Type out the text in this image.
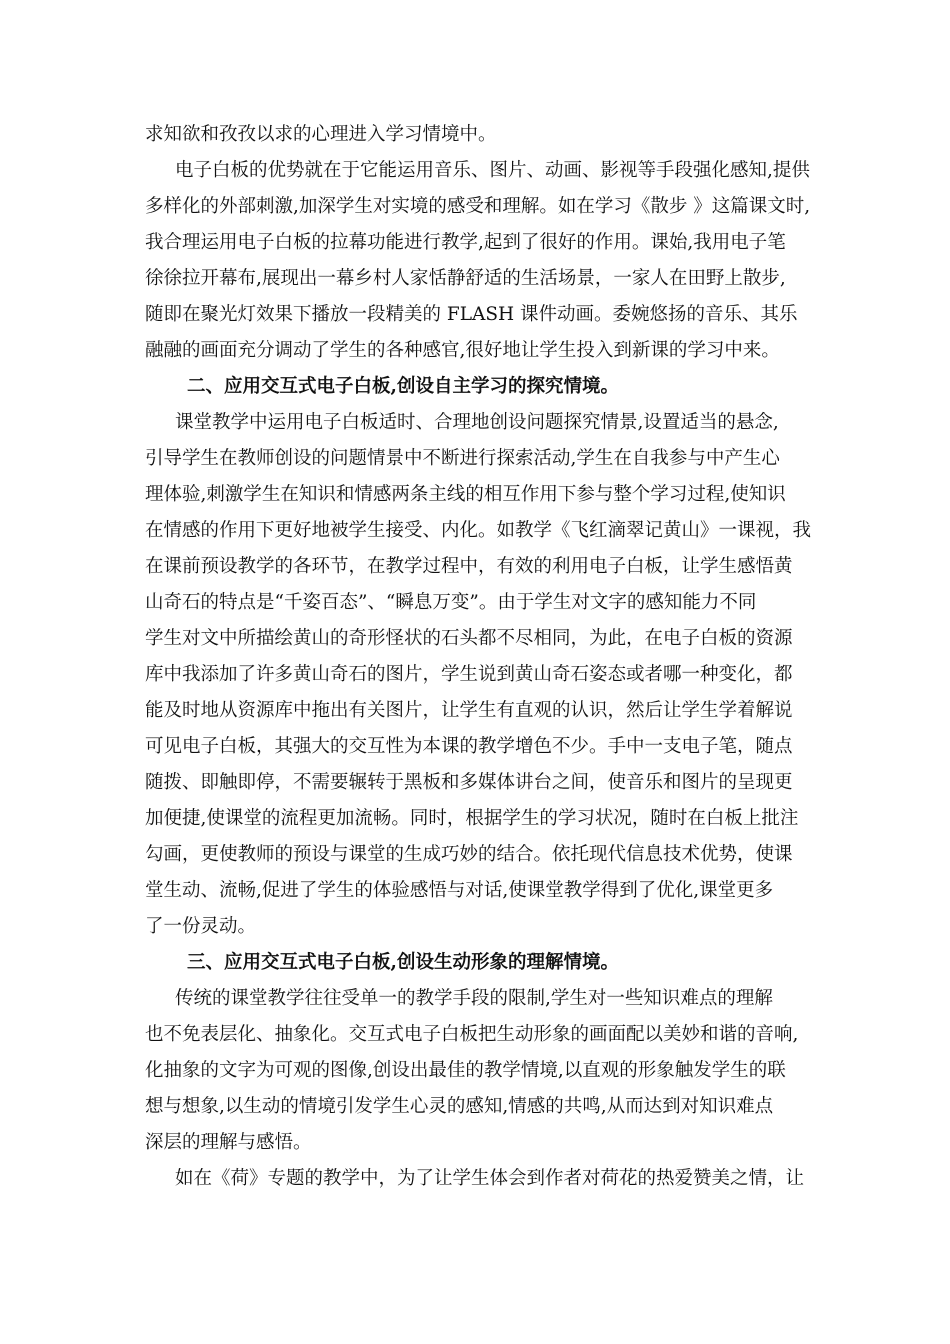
求知欲和孜孜以求的心理进入学习情境中。
电子白板的优势就在于它能运用音乐、图片、动画、影视等手段强化感知,提供
多样化的外部刺激,加深学生对实境的感受和理解。如在学习《散步 》这篇课文时,
我合理运用电子白板的拉幕功能进行教学,起到了很好的作用。课始,我用电子笔
徐徐拉开幕布,展现出一幕乡村人家恬静舒适的生活场景，一家人在田野上散步,
随即在聚光灯效果下播放一段精美的 FLASH 课件动画。委婉悠扬的音乐、其乐
融融的画面充分调动了学生的各种感官,很好地让学生投入到新课的学习中来。
二、应用交互式电子白板,创设自主学习的探究情境。
课堂教学中运用电子白板适时、合理地创设问题探究情景,设置适当的悬念,
引导学生在教师创设的问题情景中不断进行探索活动,学生在自我参与中产生心
理体验,刺激学生在知识和情感两条主线的相互作用下参与整个学习过程,使知识
在情感的作用下更好地被学生接受、内化。如教学《飞红滴翠记黄山》一课视，我
在课前预设教学的各环节，在教学过程中，有效的利用电子白板，让学生感悟黄
山奇石的特点是“千姿百态”、“瞬息万变”。由于学生对文字的感知能力不同
学生对文中所描绘黄山的奇形怪状的石头都不尽相同，为此，在电子白板的资源
库中我添加了许多黄山奇石的图片，学生说到黄山奇石姿态或者哪一种变化，都
能及时地从资源库中拖出有关图片，让学生有直观的认识，然后让学生学着解说
可见电子白板，其强大的交互性为本课的教学增色不少。手中一支电子笔，随点
随拨、即触即停，不需要辗转于黑板和多媒体讲台之间，使音乐和图片的呈现更
加便捷,使课堂的流程更加流畅。同时，根据学生的学习状况，随时在白板上批注
勾画，更使教师的预设与课堂的生成巧妙的结合。依托现代信息技术优势，使课
堂生动、流畅,促进了学生的体验感悟与对话,使课堂教学得到了优化,课堂更多
了一份灵动。
三、应用交互式电子白板,创设生动形象的理解情境。
传统的课堂教学往往受单一的教学手段的限制,学生对一些知识难点的理解
也不免表层化、抽象化。交互式电子白板把生动形象的画面配以美妙和谐的音响,
化抽象的文字为可观的图像,创设出最佳的教学情境,以直观的形象触发学生的联
想与想象,以生动的情境引发学生心灵的感知,情感的共鸣,从而达到对知识难点
深层的理解与感悟。
如在《荷》专题的教学中，为了让学生体会到作者对荷花的热爱赞美之情，让
